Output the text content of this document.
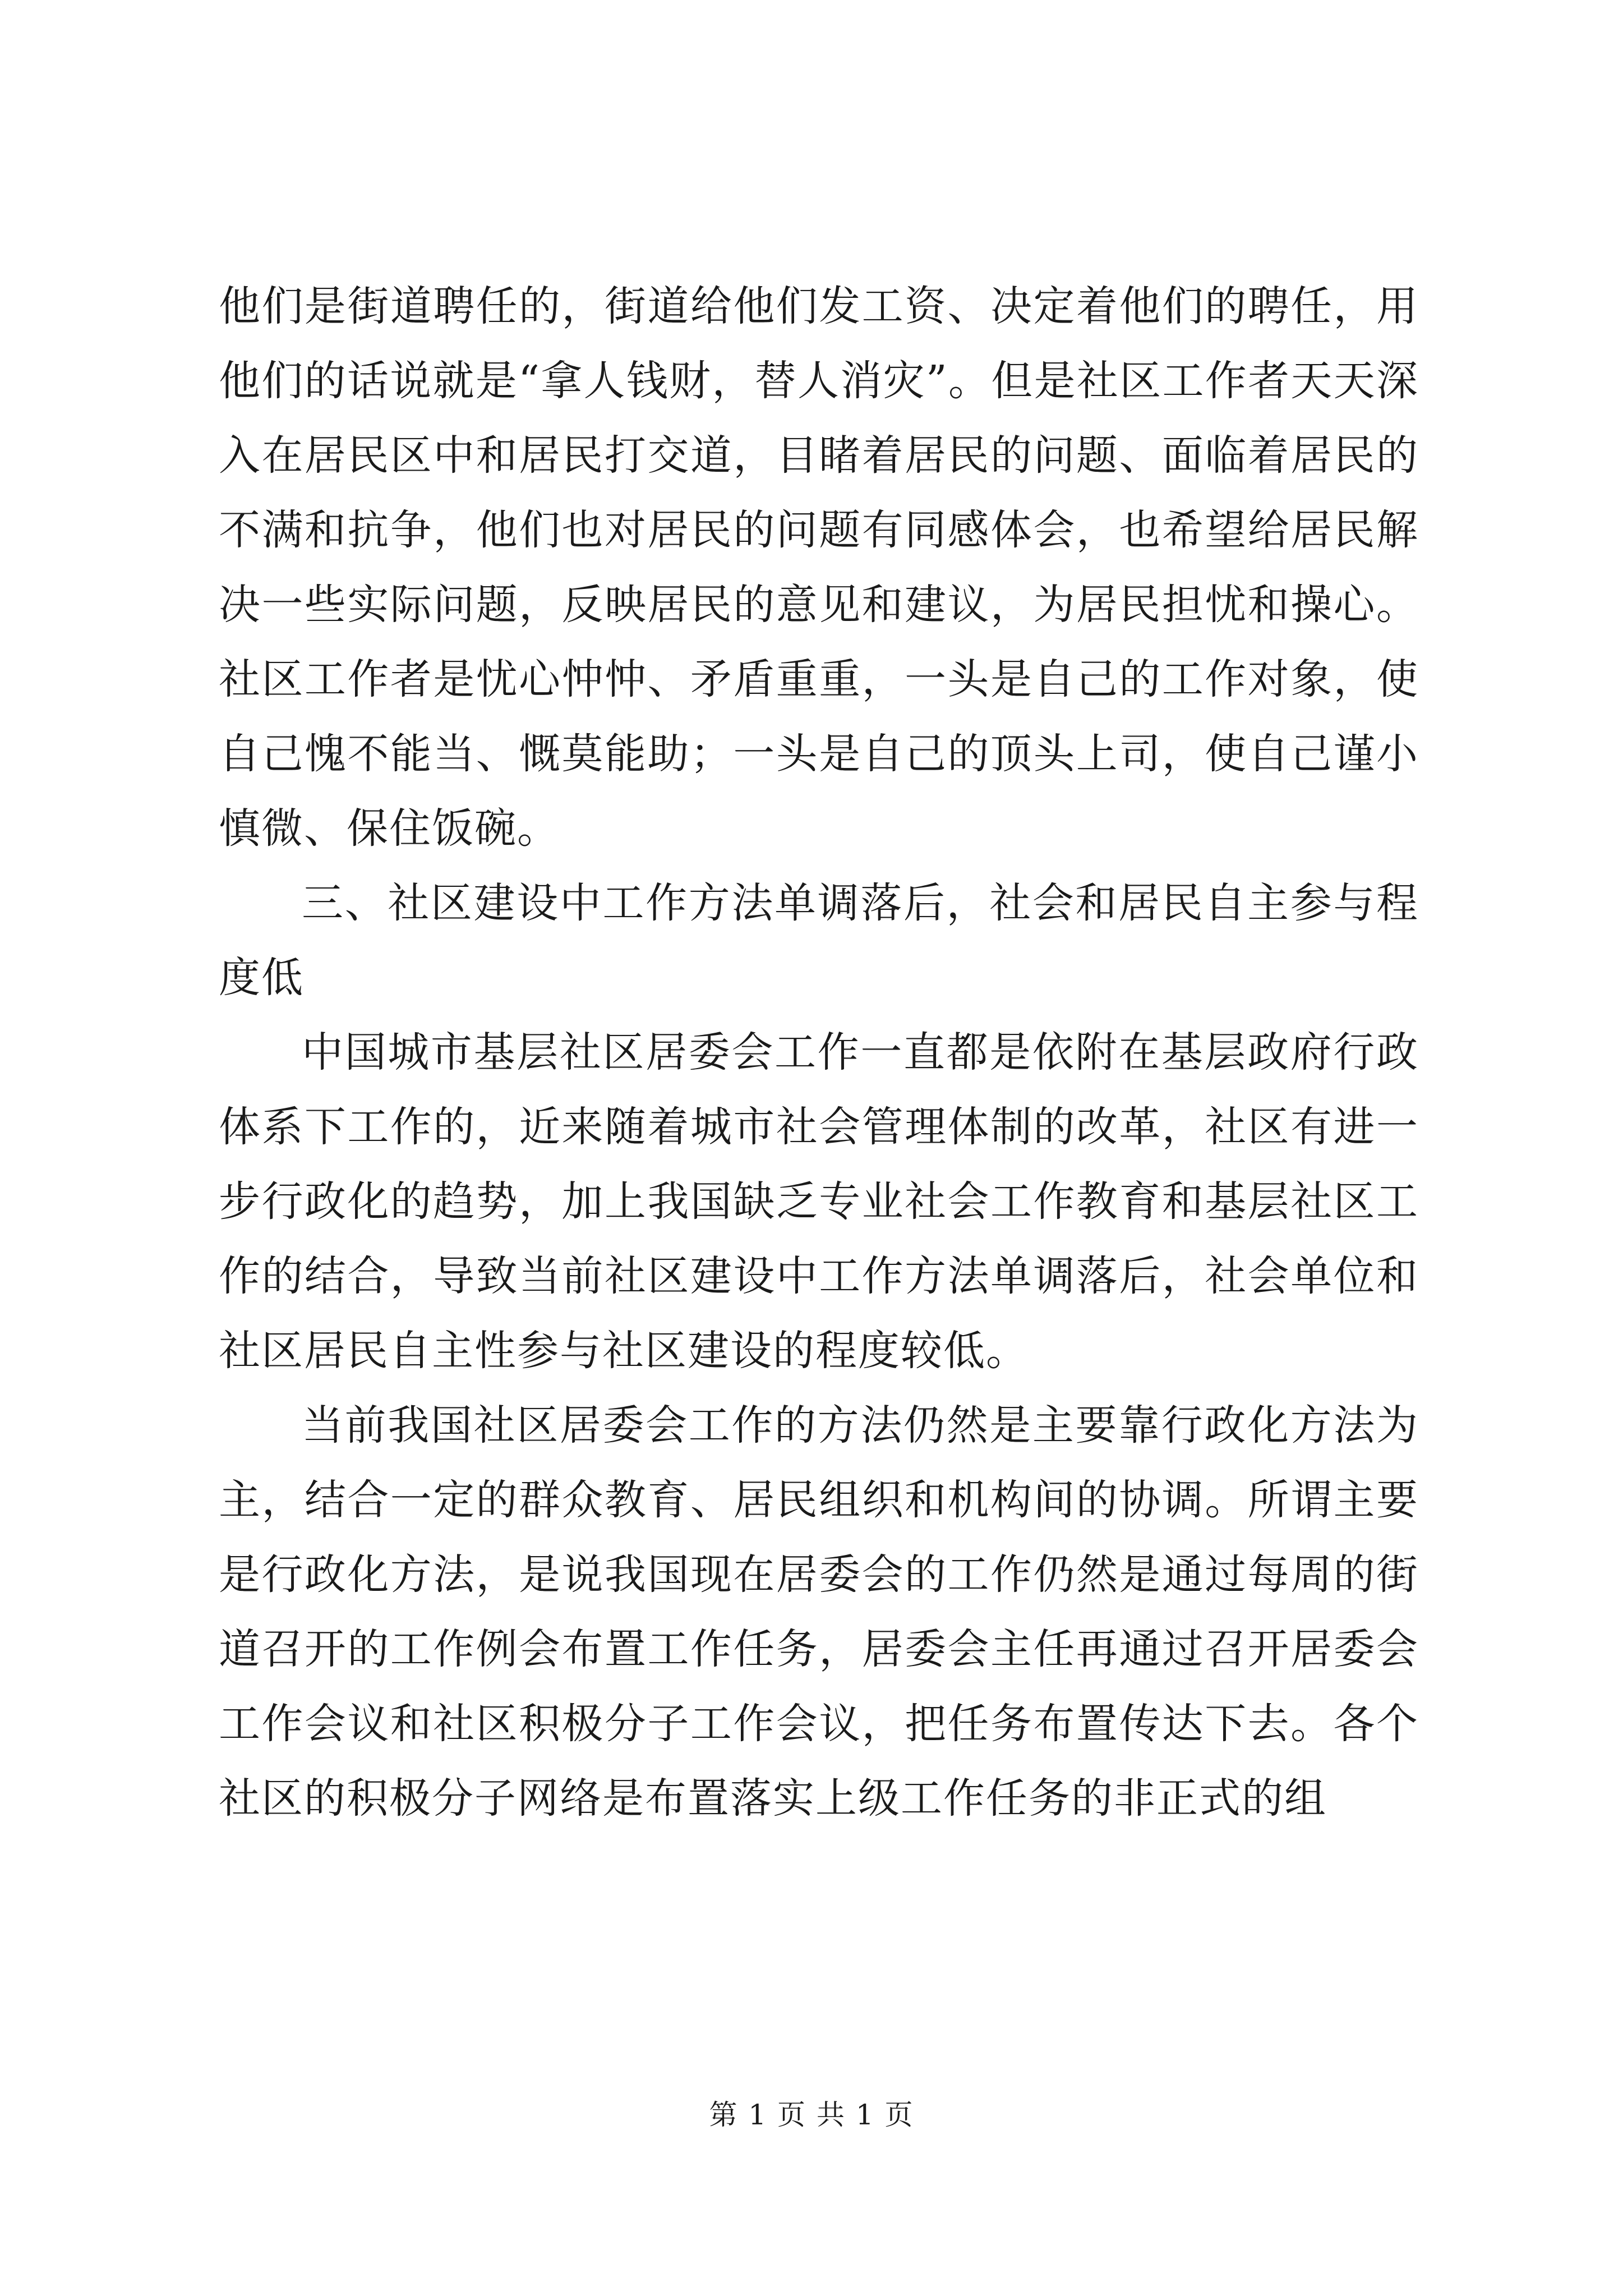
他们是街道聘任的，街道给他们发工资、决定着他们的聘任，用他们的话说就是“拿人钱财，替人消灾”。但是社区工作者天天深入在居民区中和居民打交道，目睹着居民的问题、面临着居民的不满和抗争，他们也对居民的问题有同感体会，也希望给居民解决一些实际问题，反映居民的意见和建议，为居民担忧和操心。社区工作者是忧心忡忡、矛盾重重，一头是自己的工作对象，使自己愧不能当、慨莫能助；一头是自己的顶头上司，使自己谨小慎微、保住饭碗。

三、社区建设中工作方法单调落后，社会和居民自主参与程度低

中国城市基层社区居委会工作一直都是依附在基层政府行政体系下工作的，近来随着城市社会管理体制的改革，社区有进一步行政化的趋势，加上我国缺乏专业社会工作教育和基层社区工作的结合，导致当前社区建设中工作方法单调落后，社会单位和社区居民自主性参与社区建设的程度较低。

当前我国社区居委会工作的方法仍然是主要靠行政化方法为主，结合一定的群众教育、居民组织和机构间的协调。所谓主要是行政化方法，是说我国现在居委会的工作仍然是通过每周的街道召开的工作例会布置工作任务，居委会主任再通过召开居委会工作会议和社区积极分子工作会议，把任务布置传达下去。各个社区的积极分子网络是布置落实上级工作任务的非正式的组

第 1 页 共 1 页
